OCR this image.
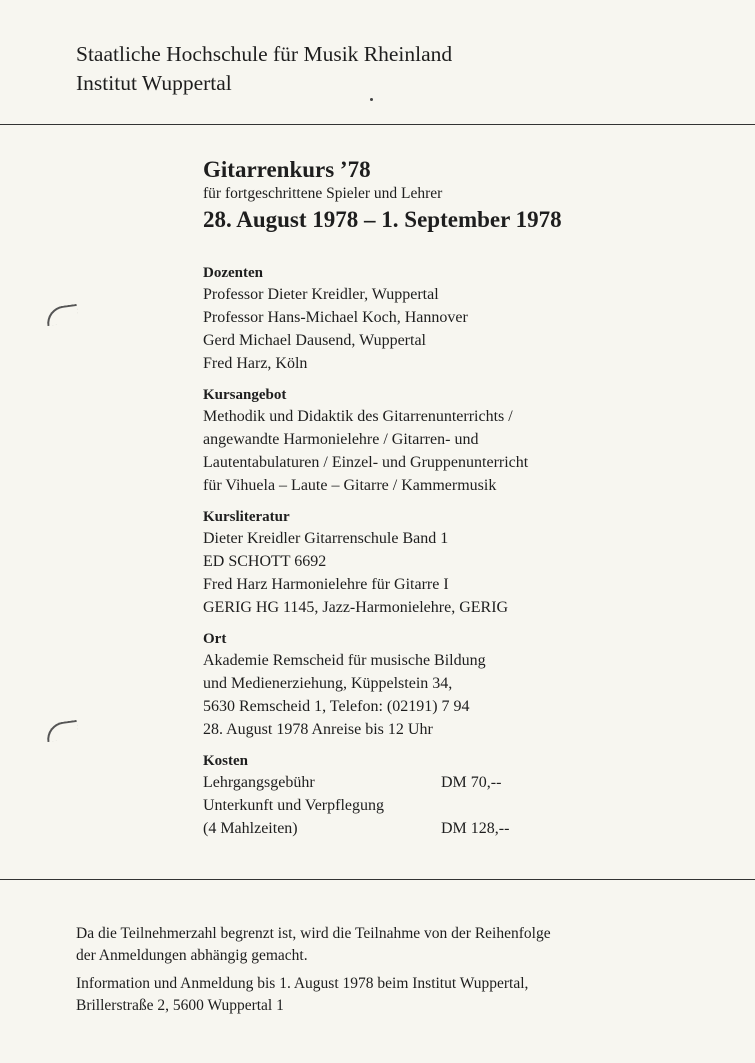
Staatliche Hochschule für Musik Rheinland
Institut Wuppertal
Gitarrenkurs ’78
für fortgeschrittene Spieler und Lehrer
28. August 1978 – 1. September 1978
Dozenten
Professor Dieter Kreidler, Wuppertal
Professor Hans-Michael Koch, Hannover
Gerd Michael Dausend, Wuppertal
Fred Harz, Köln
Kursangebot
Methodik und Didaktik des Gitarrenunterrichts /
angewandte Harmonielehre / Gitarren- und
Lautentabulaturen / Einzel- und Gruppenunterricht
für Vihuela – Laute – Gitarre / Kammermusik
Kursliteratur
Dieter Kreidler Gitarrenschule Band 1
ED SCHOTT 6692
Fred Harz Harmonielehre für Gitarre I
GERIG HG 1145, Jazz-Harmonielehre, GERIG
Ort
Akademie Remscheid für musische Bildung
und Medienerziehung, Küppelstein 34,
5630 Remscheid 1, Telefon: (02191) 7 94
28. August 1978 Anreise bis 12 Uhr
Kosten
Lehrgangsgebühr	DM 70,--
Unterkunft und Verpflegung
(4 Mahlzeiten)	DM 128,--

Da die Teilnehmerzahl begrenzt ist, wird die Teilnahme von der Reihenfolge
der Anmeldungen abhängig gemacht.

Information und Anmeldung bis 1. August 1978 beim Institut Wuppertal,
Brillerstraße 2, 5600 Wuppertal 1
